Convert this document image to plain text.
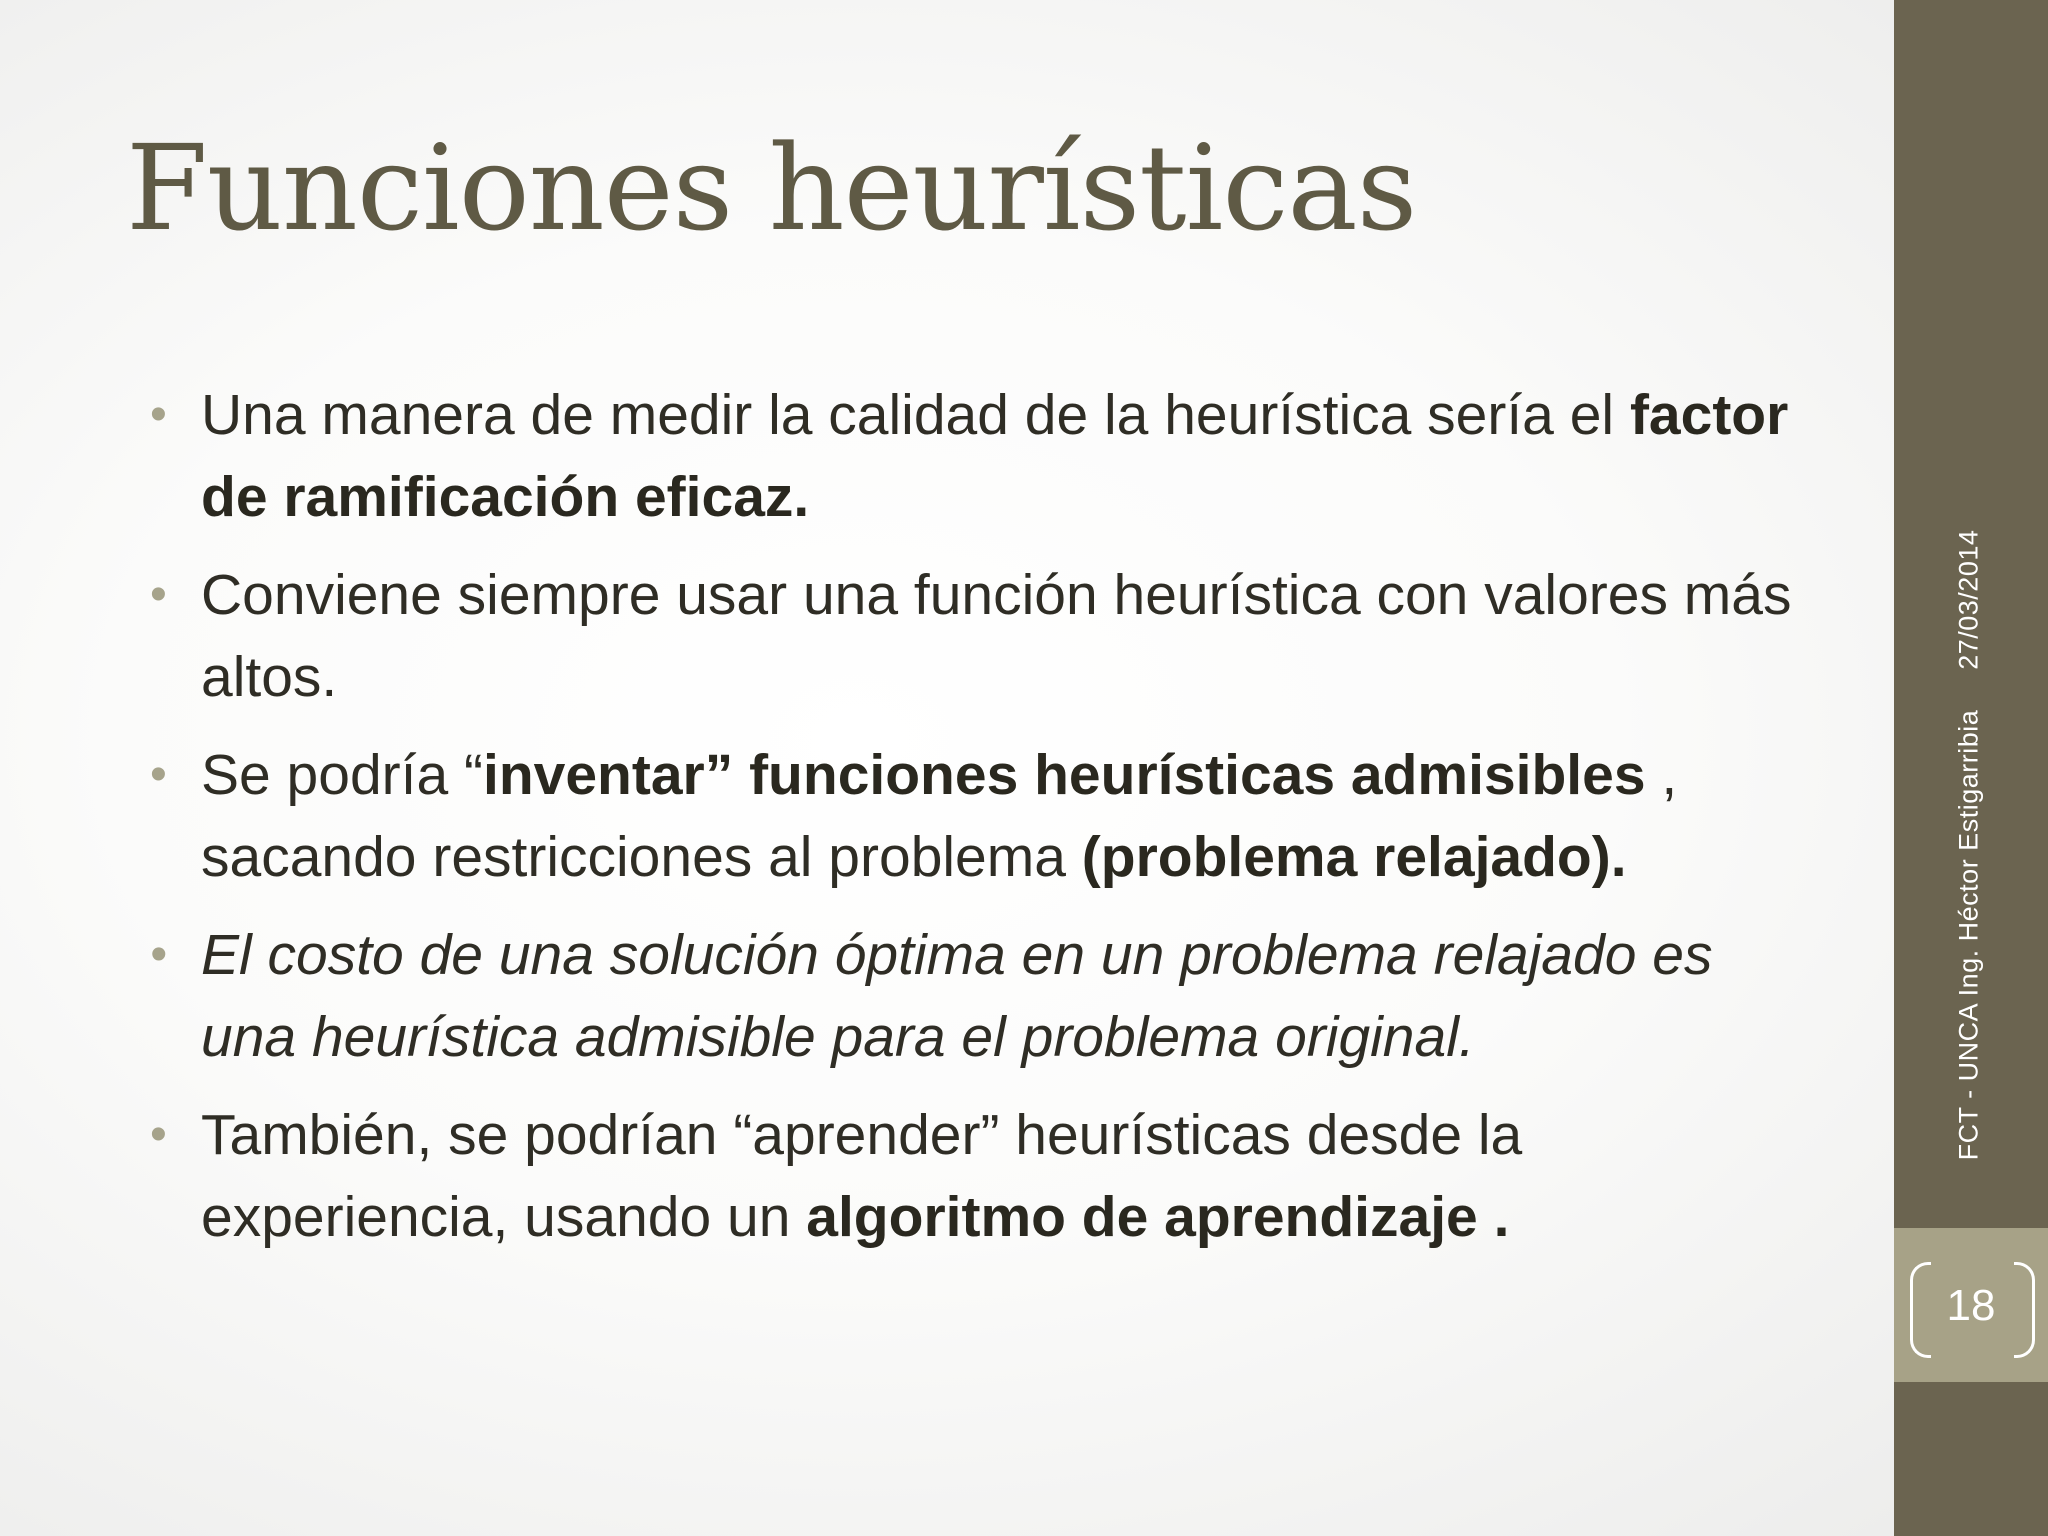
Funciones heurísticas
• Una manera de medir la calidad de la heurística sería el factor de ramificación eficaz.
• Conviene siempre usar una función heurística con valores más altos.
• Se podría “inventar” funciones heurísticas admisibles , sacando restricciones al problema (problema relajado).
• El costo de una solución óptima en un problema relajado es una heurística admisible para el problema original.
• También, se podrían “aprender” heurísticas desde la experiencia, usando un algoritmo de aprendizaje .
18
FCT - UNCA Ing. Héctor Estigarribia27/03/2014
